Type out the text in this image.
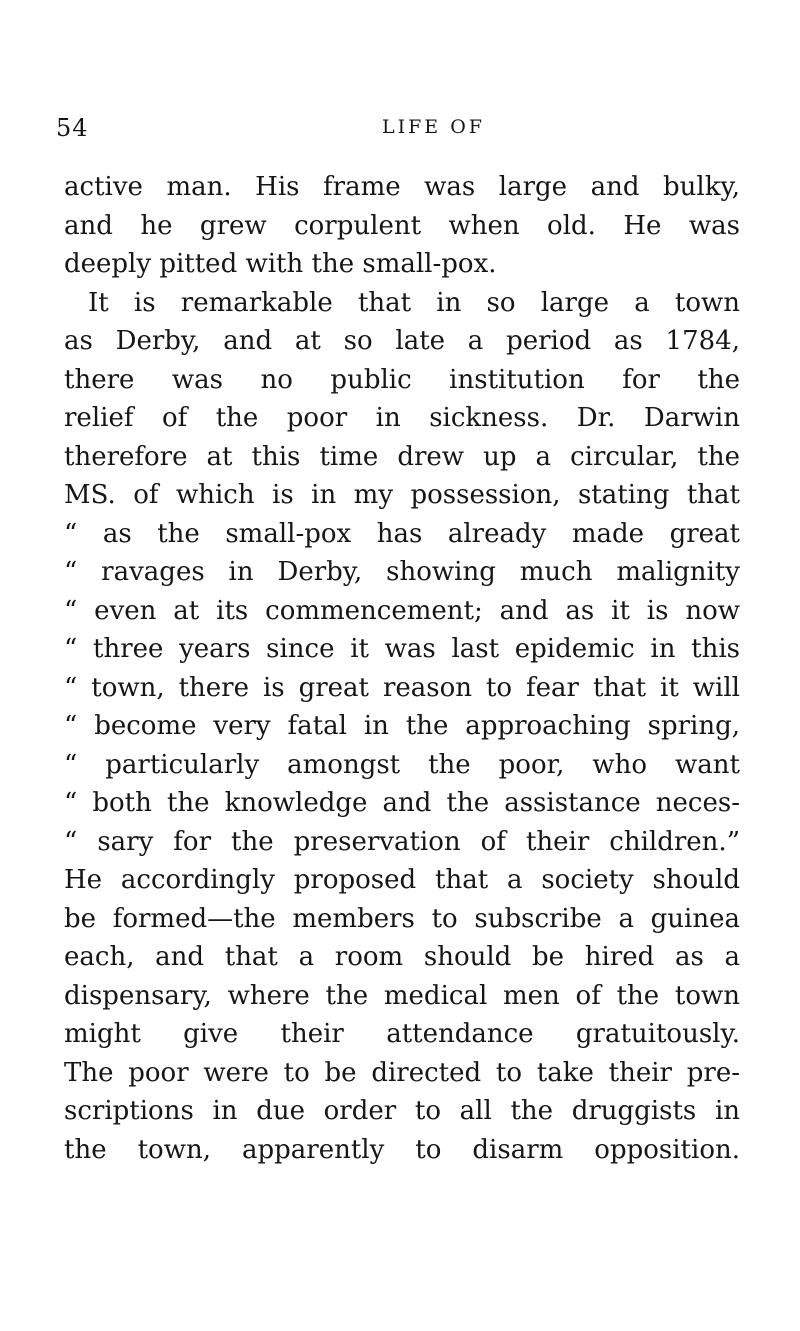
54	LIFE OF
active man. His frame was large and bulky,
and he grew corpulent when old. He was
deeply pitted with the small-pox.
It is remarkable that in so large a town
as Derby, and at so late a period as 1784,
there was no public institution for the
relief of the poor in sickness. Dr. Darwin
therefore at this time drew up a circular, the
MS. of which is in my possession, stating that
“ as the small-pox has already made great
“ ravages in Derby, showing much malignity
“ even at its commencement; and as it is now
“ three years since it was last epidemic in this
“ town, there is great reason to fear that it will
“ become very fatal in the approaching spring,
“ particularly amongst the poor, who want
“ both the knowledge and the assistance neces-
“ sary for the preservation of their children.”
He accordingly proposed that a society should
be formed—the members to subscribe a guinea
each, and that a room should be hired as a
dispensary, where the medical men of the town
might give their attendance gratuitously.
The poor were to be directed to take their pre-
scriptions in due order to all the druggists in
the town, apparently to disarm opposition.
